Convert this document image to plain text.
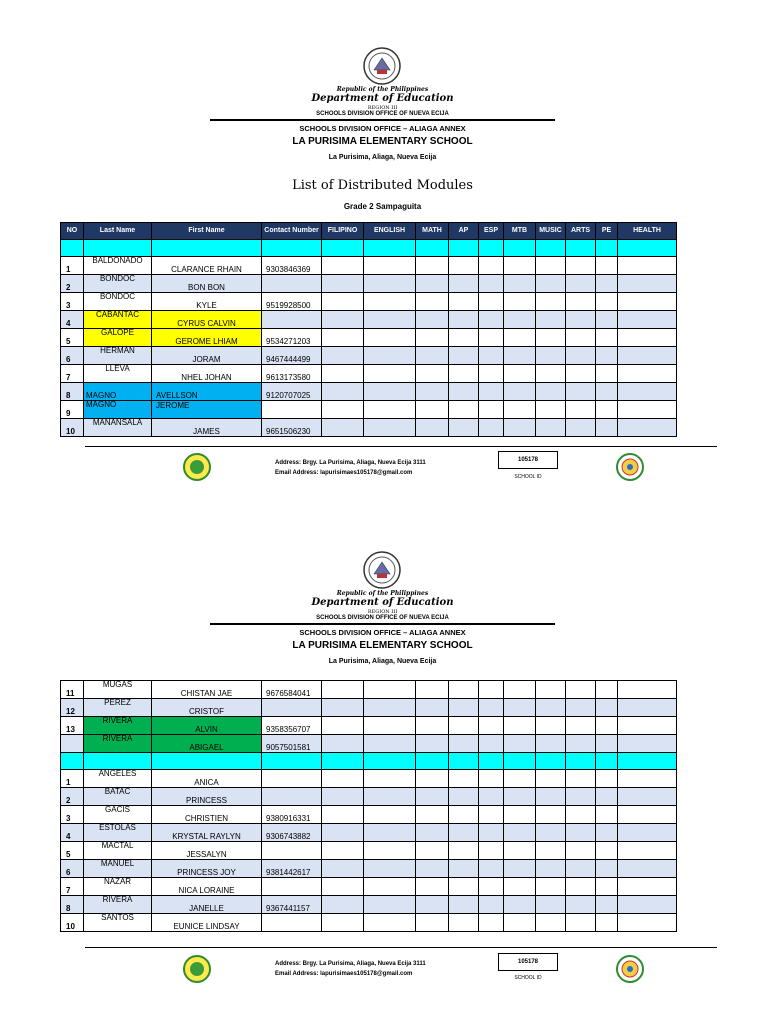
Republic of the Philippines
Department of Education
REGION III
SCHOOLS DIVISION OFFICE OF NUEVA ECIJA
SCHOOLS DIVISION OFFICE – ALIAGA ANNEX
LA PURISIMA ELEMENTARY SCHOOL
La Purisima, Aliaga, Nueva Ecija
List of Distributed Modules
Grade 2 Sampaguita
NO	Last Name	First Name	Contact Number	FILIPINO	ENGLISH	MATH	AP	ESP	MTB	MUSIC	ARTS	PE	HEALTH

1	BALDONADO	CLARANCE RHAIN	9303846369										
2	BONDOC	BON BON											
3	BONDOC	KYLE	9519928500										
4	CABANTAC	CYRUS CALVIN											
5	GALOPE	GEROME LHIAM	9534271203										
6	HERMAN	JORAM	9467444499										
7	LLEVA	NHEL JOHAN	9613173580										
8	MAGNO	AVELLSON	9120707025										
9	MAGNO	JEROME											
10	MANANSALA	JAMES	9651506230										
Address: Brgy. La Purisima, Aliaga, Nueva Ecija 3111
Email Address: lapurisimaes105178@gmail.com
105178
SCHOOL ID
Republic of the Philippines
Department of Education
REGION III
SCHOOLS DIVISION OFFICE OF NUEVA ECIJA
SCHOOLS DIVISION OFFICE – ALIAGA ANNEX
LA PURISIMA ELEMENTARY SCHOOL
La Purisima, Aliaga, Nueva Ecija
11	MUGAS	CHISTAN JAE	9676584041										
12	PEREZ	CRISTOF											
13	RIVERA	ALVIN	9358356707										
	RIVERA	ABIGAEL	9057501581										

1	ANGELES	ANICA											
2	BATAC	PRINCESS											
3	GACIS	CHRISTIEN	9380916331										
4	ESTOLAS	KRYSTAL RAYLYN	9306743882										
5	MACTAL	JESSALYN											
6	MANUEL	PRINCESS JOY	9381442617										
7	NAZAR	NICA LORAINE											
8	RIVERA	JANELLE	9367441157										
10	SANTOS	EUNICE LINDSAY											
Address: Brgy. La Purisima, Aliaga, Nueva Ecija 3111
Email Address: lapurisimaes105178@gmail.com
105178
SCHOOL ID
